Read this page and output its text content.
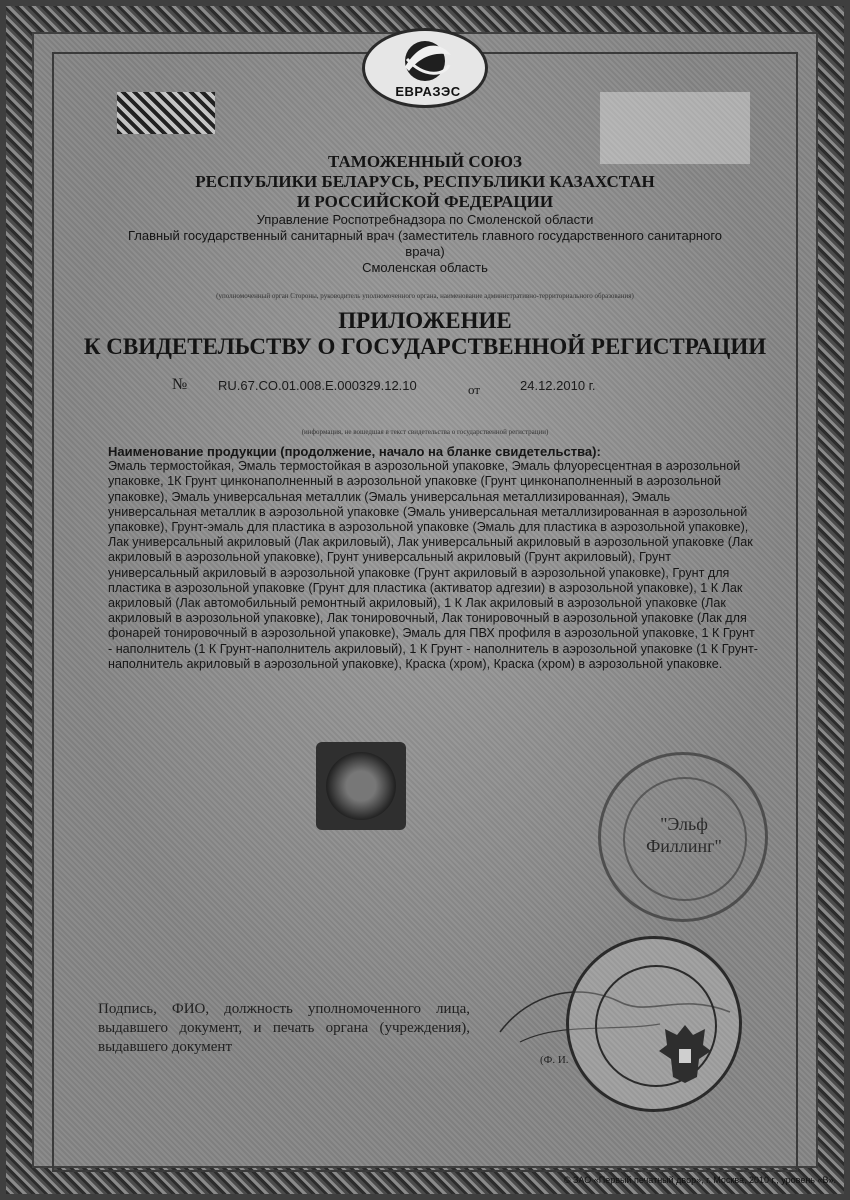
ЕВРАЗЭС
ТАМОЖЕННЫЙ СОЮЗ
РЕСПУБЛИКИ БЕЛАРУСЬ, РЕСПУБЛИКИ КАЗАХСТАН
И РОССИЙСКОЙ ФЕДЕРАЦИИ
Управление Роспотребнадзора по Смоленской области
Главный государственный санитарный врач (заместитель главного государственного санитарного
врача)
Смоленская область
(уполномоченный орган Стороны, руководитель уполномоченного органа, наименование административно-территориального образования)
ПРИЛОЖЕНИЕ
К СВИДЕТЕЛЬСТВУ О ГОСУДАРСТВЕННОЙ РЕГИСТРАЦИИ
№ RU.67.CO.01.008.E.000329.12.10	от	24.12.2010 г.
(информация, не вошедшая в текст свидетельства о государственной регистрации)
Наименование продукции (продолжение, начало на бланке свидетельства):
Эмаль термостойкая, Эмаль термостойкая в аэрозольной упаковке, Эмаль флуоресцентная в аэрозольной упаковке, 1К Грунт цинконаполненный в аэрозольной упаковке (Грунт цинконаполненный в аэрозольной упаковке), Эмаль универсальная металлик (Эмаль универсальная металлизированная), Эмаль универсальная металлик в аэрозольной упаковке (Эмаль универсальная металлизированная в аэрозольной упаковке), Грунт-эмаль для пластика в аэрозольной упаковке (Эмаль для пластика в аэрозольной упаковке), Лак универсальный акриловый (Лак акриловый), Лак универсальный акриловый в аэрозольной упаковке (Лак акриловый в аэрозольной упаковке), Грунт универсальный акриловый (Грунт акриловый), Грунт универсальный акриловый в аэрозольной упаковке (Грунт акриловый в аэрозольной упаковке), Грунт для пластика в аэрозольной упаковке (Грунт для пластика (активатор адгезии) в аэрозольной упаковке), 1 К Лак акриловый (Лак автомобильный ремонтный акриловый), 1 К Лак акриловый в аэрозольной упаковке (Лак акриловый в аэрозольной упаковке), Лак тонировочный, Лак тонировочный в аэрозольной упаковке (Лак для фонарей тонировочный в аэрозольной упаковке), Эмаль для ПВХ профиля в аэрозольной упаковке, 1 К Грунт - наполнитель (1 К Грунт-наполнитель акриловый), 1 К Грунт - наполнитель в аэрозольной упаковке (1 К Грунт-наполнитель акриловый в аэрозольной упаковке), Краска (хром), Краска (хром) в аэрозольной упаковке.
"Эльф
Филлинг"
Подпись, ФИО, должность уполномоченного лица, выдавшего документ, и печать органа (учреждения), выдавшего документ
(Ф. И.
© ЗАО «Первый печатный двор», г. Москва, 2010 г., уровень «В».
